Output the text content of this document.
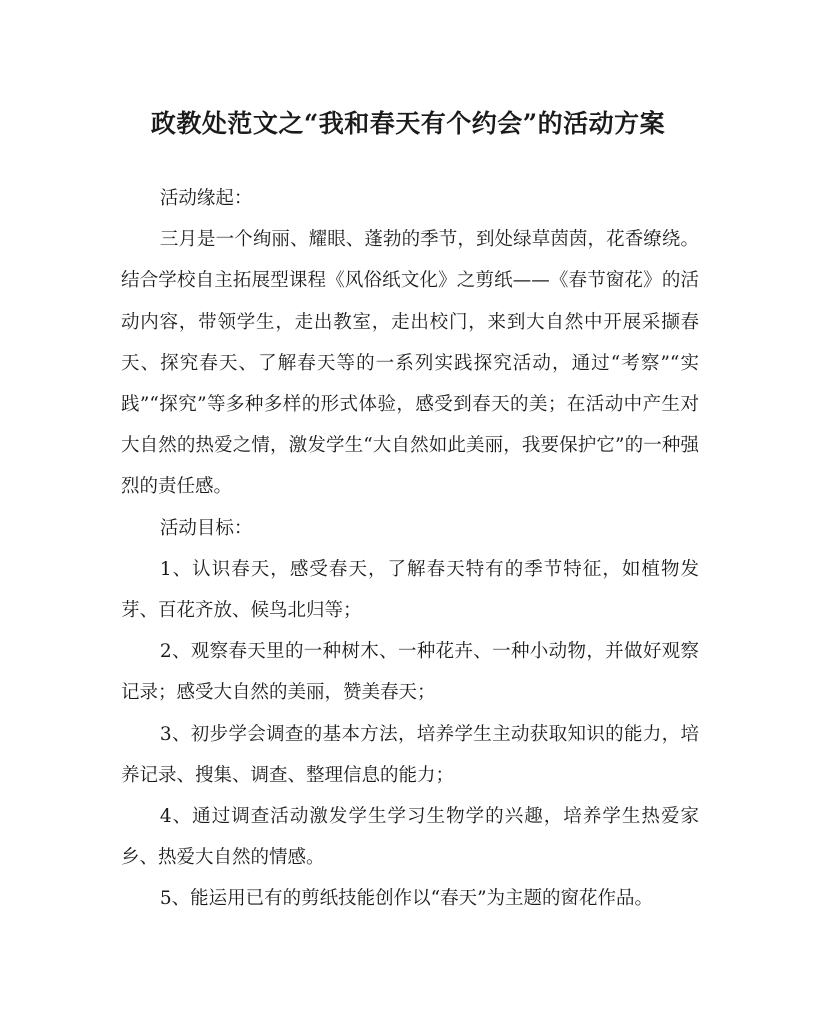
政教处范文之“我和春天有个约会”的活动方案

活动缘起：

三月是一个绚丽、耀眼、蓬勃的季节，到处绿草茵茵，花香缭绕。结合学校自主拓展型课程《风俗纸文化》之剪纸——《春节窗花》的活动内容，带领学生，走出教室，走出校门，来到大自然中开展采撷春天、探究春天、了解春天等的一系列实践探究活动，通过“考察”“实践”“探究”等多种多样的形式体验，感受到春天的美；在活动中产生对大自然的热爱之情，激发学生“大自然如此美丽，我要保护它”的一种强烈的责任感。

活动目标：

1、认识春天，感受春天，了解春天特有的季节特征，如植物发芽、百花齐放、候鸟北归等；

2、观察春天里的一种树木、一种花卉、一种小动物，并做好观察记录；感受大自然的美丽，赞美春天；

3、初步学会调查的基本方法，培养学生主动获取知识的能力，培养记录、搜集、调查、整理信息的能力；

4、通过调查活动激发学生学习生物学的兴趣，培养学生热爱家乡、热爱大自然的情感。

5、能运用已有的剪纸技能创作以“春天”为主题的窗花作品。
